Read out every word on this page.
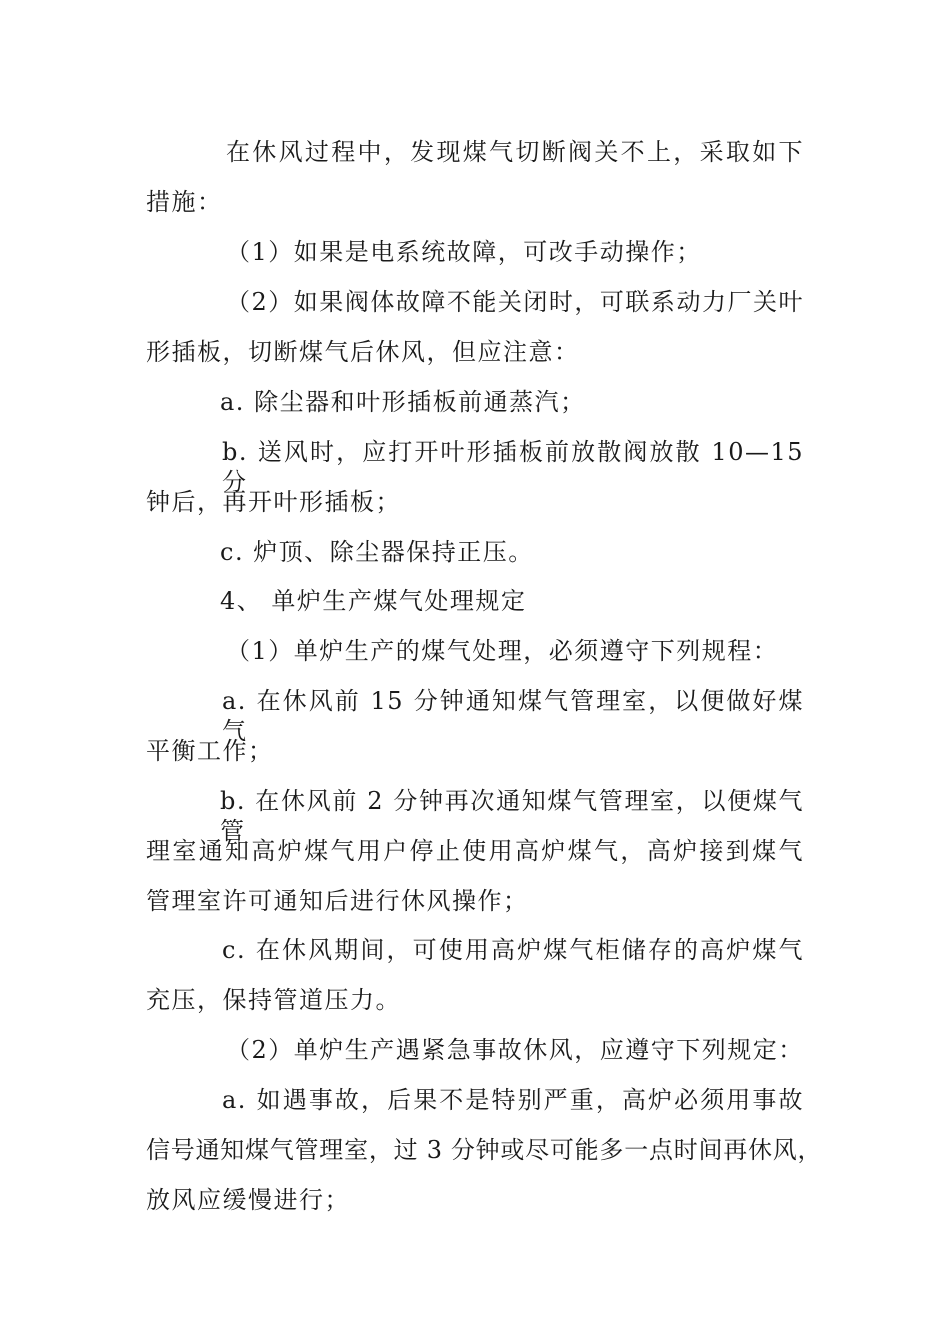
在休风过程中，发现煤气切断阀关不上，采取如下
措施：
（1）如果是电系统故障，可改手动操作；
（2）如果阀体故障不能关闭时，可联系动力厂关叶
形插板，切断煤气后休风，但应注意：
a. 除尘器和叶形插板前通蒸汽；
b. 送风时，应打开叶形插板前放散阀放散 10—15 分
钟后，再开叶形插板；
c. 炉顶、除尘器保持正压。
4、 单炉生产煤气处理规定
（1）单炉生产的煤气处理，必须遵守下列规程：
a. 在休风前 15 分钟通知煤气管理室，以便做好煤气
平衡工作；
b. 在休风前 2 分钟再次通知煤气管理室，以便煤气管
理室通知高炉煤气用户停止使用高炉煤气，高炉接到煤气
管理室许可通知后进行休风操作；
c. 在休风期间，可使用高炉煤气柜储存的高炉煤气
充压，保持管道压力。
（2）单炉生产遇紧急事故休风，应遵守下列规定：
a. 如遇事故，后果不是特别严重，高炉必须用事故
信号通知煤气管理室，过 3 分钟或尽可能多一点时间再休风，
放风应缓慢进行；
